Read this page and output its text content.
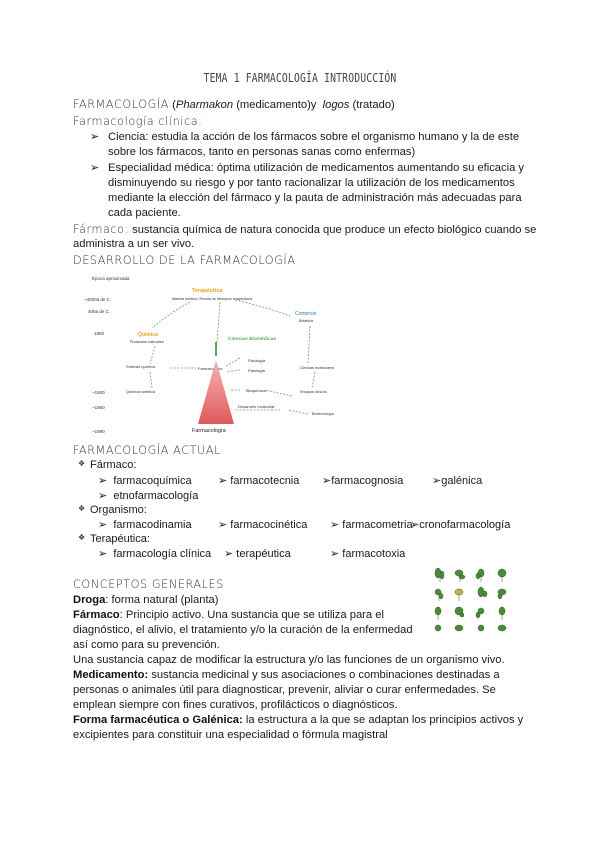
TEMA 1 FARMACOLOGÍA INTRODUCCIÓN
FARMACOLOGÍA (Pharmakon (medicamento)y logos (tratado)
Farmacología clínica:
➢ Ciencia: estudia la acción de los fármacos sobre el organismo humano y la de este
sobre los fármacos, tanto en personas sanas como enfermas)
➢ Especialidad médica: óptima utilización de medicamentos aumentando su eficacia y
disminuyendo su riesgo y por tanto racionalizar la utilización de los medicamentos
mediante la elección del fármaco y la pauta de administración más adecuadas para
cada paciente.
Fármaco: sustancia química de natura conocida que produce un efecto biológico cuando se
administra a un ser vivo.
DESARROLLO DE LA FARMACOLOGÍA
Época aproximada
~4000a de C.
400a de C.
1800
~1900
~1950
~1990
Terapéutica
Materia médica / Receta de fármacos terapéuticos
Comercio
Botánica
Química
Productos naturales	Ciencias Biomédicas
Síntesis química
Química sintética
Farmacología
Fisiología
Patología	Ciencias moleculares
Bioquímica	Ensayos clínicos
Desarrollo molecular
Biotecnología
Farmacología
FARMACOLOGÍA ACTUAL
❖ Fármaco:
➢  farmacoquímica	➢ farmacotecnia	➢farmacognosia	➢galénica
➢  etnofarmacología
❖ Organismo:
➢  farmacodinamia	➢ farmacocinética	➢ farmacometria
➢cronofarmacología
❖ Terapéutica:
➢  farmacología clínica	➢ terapéutica	➢ farmacotoxia
CONCEPTOS GENERALES
Droga: forma natural (planta)
Fármaco: Principio activo. Una sustancia que se utiliza para el
diagnóstico, el alivio, el tratamiento y/o la curación de la enfermedad
así como para su prevención.
Una sustancia capaz de modificar la estructura y/o las funciones de un organismo vivo.
Medicamento: sustancia medicinal y sus asociaciones o combinaciones destinadas a
personas o animales útil para diagnosticar, prevenir, aliviar o curar enfermedades. Se
emplean siempre con fines curativos, profilácticos o diagnósticos.
Forma farmacéutica o Galénica: la estructura a la que se adaptan los principios activos y
excipientes para constituir una especialidad o fórmula magistral
